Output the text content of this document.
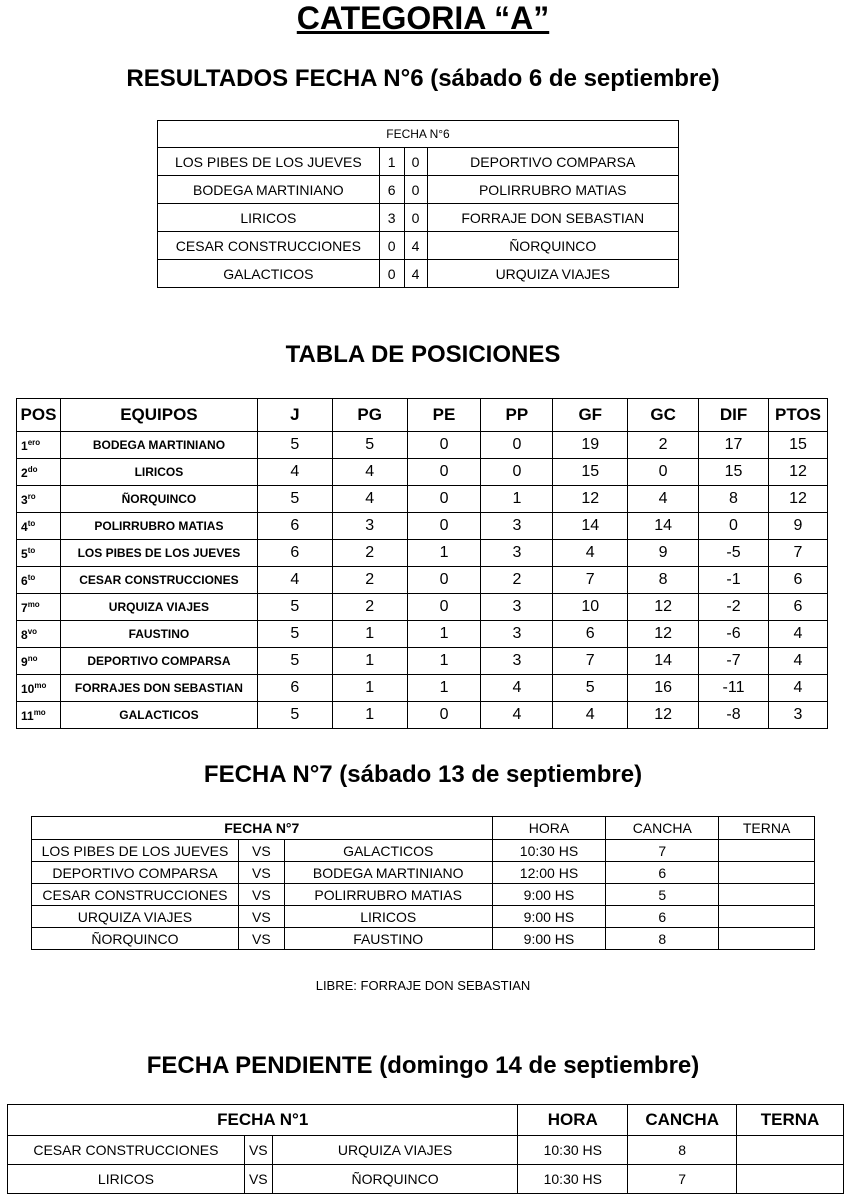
CATEGORIA “A”
RESULTADOS FECHA N°6 (sábado 6 de septiembre)
FECHA N°6			
LOS PIBES DE LOS JUEVES	1	0	DEPORTIVO COMPARSA
BODEGA MARTINIANO	6	0	POLIRRUBRO MATIAS
LIRICOS	3	0	FORRAJE DON SEBASTIAN
CESAR CONSTRUCCIONES	0	4	ÑORQUINCO
GALACTICOS	0	4	URQUIZA VIAJES
TABLA DE POSICIONES
POS	EQUIPOS	J	PG	PE	PP	GF	GC	DIF	PTOS
$1^{ero}$	BODEGA MARTINIANO	5	5	0	0	19	2	17	15
$2^{do}$	LIRICOS	4	4	0	0	15	0	15	12
$3^{ro}$	ÑORQUINCO	5	4	0	1	12	4	8	12
$4^{to}$	POLIRRUBRO MATIAS	6	3	0	3	14	14	0	9
$5^{to}$	LOS PIBES DE LOS JUEVES	6	2	1	3	4	9	-5	7
$6^{to}$	CESAR CONSTRUCCIONES	4	2	0	2	7	8	-1	6
$7^{mo}$	URQUIZA VIAJES	5	2	0	3	10	12	-2	6
$8^{vo}$	FAUSTINO	5	1	1	3	6	12	-6	4
$9^{no}$	DEPORTIVO COMPARSA	5	1	1	3	7	14	-7	4
$10^{mo}$	FORRAJES DON SEBASTIAN	6	1	1	4	5	16	-11	4
$11^{mo}$	GALACTICOS	5	1	0	4	4	12	-8	3
FECHA N°7 (sábado 13 de septiembre)
FECHA N°7			HORA	CANCHA	TERNA
LOS PIBES DE LOS JUEVES	VS	GALACTICOS	10:30 HS	7	
DEPORTIVO COMPARSA	VS	BODEGA MARTINIANO	12:00 HS	6	
CESAR CONSTRUCCIONES	VS	POLIRRUBRO MATIAS	9:00 HS	5	
URQUIZA VIAJES	VS	LIRICOS	9:00 HS	6	
ÑORQUINCO	VS	FAUSTINO	9:00 HS	8	
LIBRE: FORRAJE DON SEBASTIAN
FECHA PENDIENTE (domingo 14 de septiembre)
FECHA N°1			HORA	CANCHA	TERNA
CESAR CONSTRUCCIONES	VS	URQUIZA VIAJES	10:30 HS	8	
LIRICOS	VS	ÑORQUINCO	10:30 HS	7	
